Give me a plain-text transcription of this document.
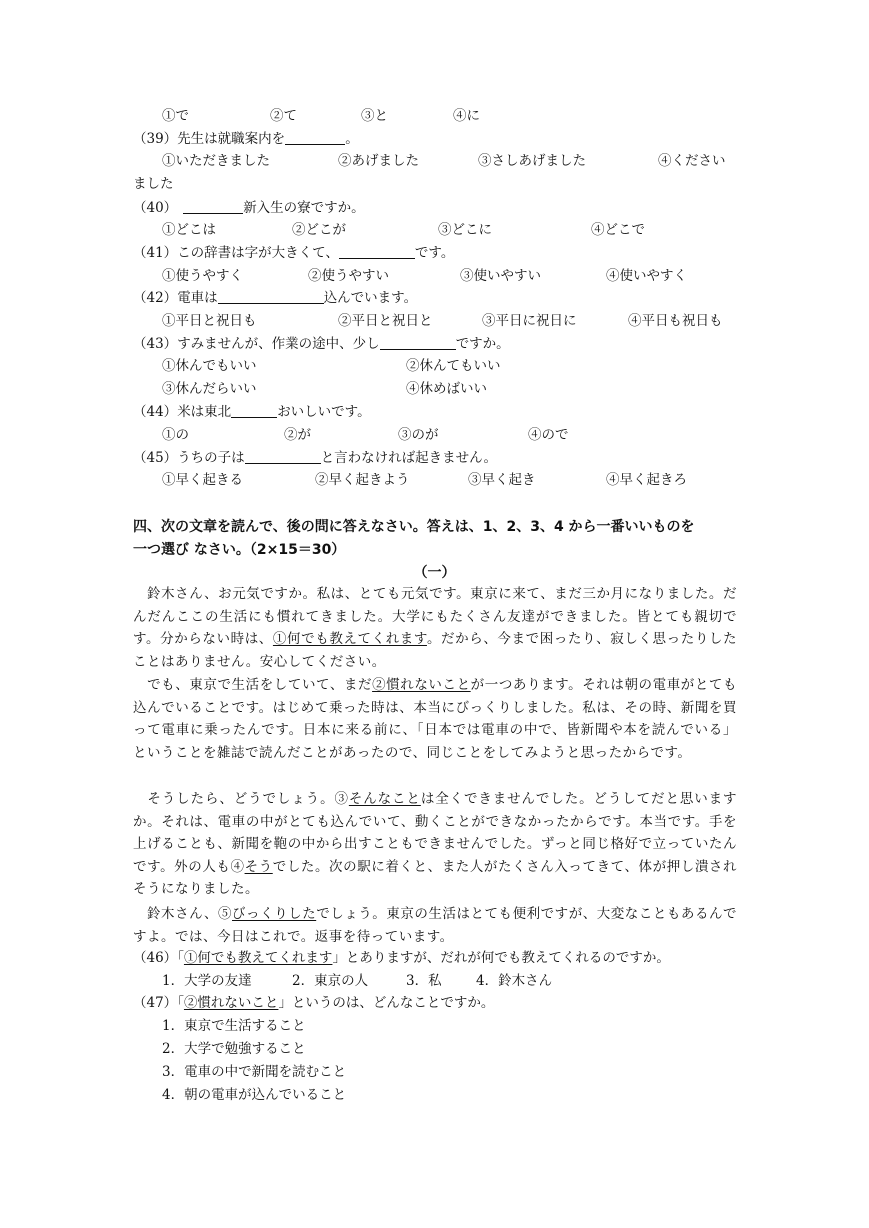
①で	②て	③と	④に
（39）先生は就職案内を	。
①いただきました	②あげました	③さしあげました	④ください
ました
（40）	新入生の寮ですか。
①どこは	②どこが	③どこに	④どこで
（41）この辞書は字が大きくて、	です。
①使うやすく	②使うやすい	③使いやすい	④使いやすく
（42）電車は	込んでいます。
①平日と祝日も	②平日と祝日と	③平日に祝日に	④平日も祝日も
（43）すみませんが、作業の途中、少し	ですか。
①休んでもいい	②休んてもいい
③休んだらいい	④休めばいい
（44）米は東北	おいしいです。
①の	②が	③のが	④ので
（45）うちの子は	と言わなければ起きません。
①早く起きる	②早く起きよう	③早く起き	④早く起きろ
四、次の文章を読んで、後の問に答えなさい。答えは、1、2、3、4 から一番いいものを
一つ選び なさい。（2×15＝30）
（一）
　鈴木さん、お元気ですか。私は、とても元気です。東京に来て、まだ三か月になりました。だんだんここの生活にも慣れてきました。大学にもたくさん友達ができました。皆とても親切です。分からない時は、①何でも教えてくれます。だから、今まで困ったり、寂しく思ったりしたことはありません。安心してください。
　でも、東京で生活をしていて、まだ②慣れないことが一つあります。それは朝の電車がとても込んでいることです。はじめて乗った時は、本当にびっくりしました。私は、その時、新聞を買って電車に乗ったんです。日本に来る前に、「日本では電車の中で、皆新聞や本を読んでいる」ということを雑誌で読んだことがあったので、同じことをしてみようと思ったからです。
　そうしたら、どうでしょう。③そんなことは全くできませんでした。どうしてだと思いますか。それは、電車の中がとても込んでいて、動くことができなかったからです。本当です。手を上げることも、新聞を鞄の中から出すこともできませんでした。ずっと同じ格好で立っていたんです。外の人も④そうでした。次の駅に着くと、また人がたくさん入ってきて、体が押し潰されそうになりました。
　鈴木さん、⑤びっくりしたでしょう。東京の生活はとても便利ですが、大変なこともあるんですよ。では、今日はこれで。返事を待っています。
（46）「①何でも教えてくれます」とありますが、だれが何でも教えてくれるのですか。
1．大学の友達	2．東京の人	3．私	4．鈴木さん
（47）「②慣れないこと」というのは、どんなことですか。
1．東京で生活すること
2．大学で勉強すること
3．電車の中で新聞を読むこと
4．朝の電車が込んでいること
